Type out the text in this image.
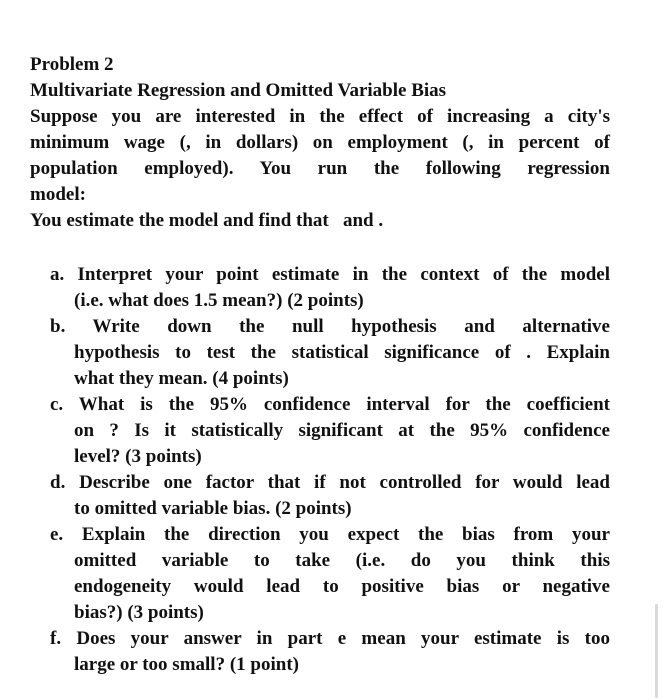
Problem 2
Multivariate Regression and Omitted Variable Bias
Suppose you are interested in the effect of increasing a city's
minimum wage (, in dollars) on employment (, in percent of
population employed). You run the following regression
model:
You estimate the model and find that   and .
a. Interpret your point estimate in the context of the model
(i.e. what does 1.5 mean?) (2 points)
b. Write down the null hypothesis and alternative
hypothesis to test the statistical significance of . Explain
what they mean. (4 points)
c. What is the 95% confidence interval for the coefficient
on ? Is it statistically significant at the 95% confidence
level? (3 points)
d. Describe one factor that if not controlled for would lead
to omitted variable bias. (2 points)
e. Explain the direction you expect the bias from your
omitted variable to take (i.e. do you think this
endogeneity would lead to positive bias or negative
bias?) (3 points)
f. Does your answer in part e mean your estimate is too
large or too small? (1 point)
